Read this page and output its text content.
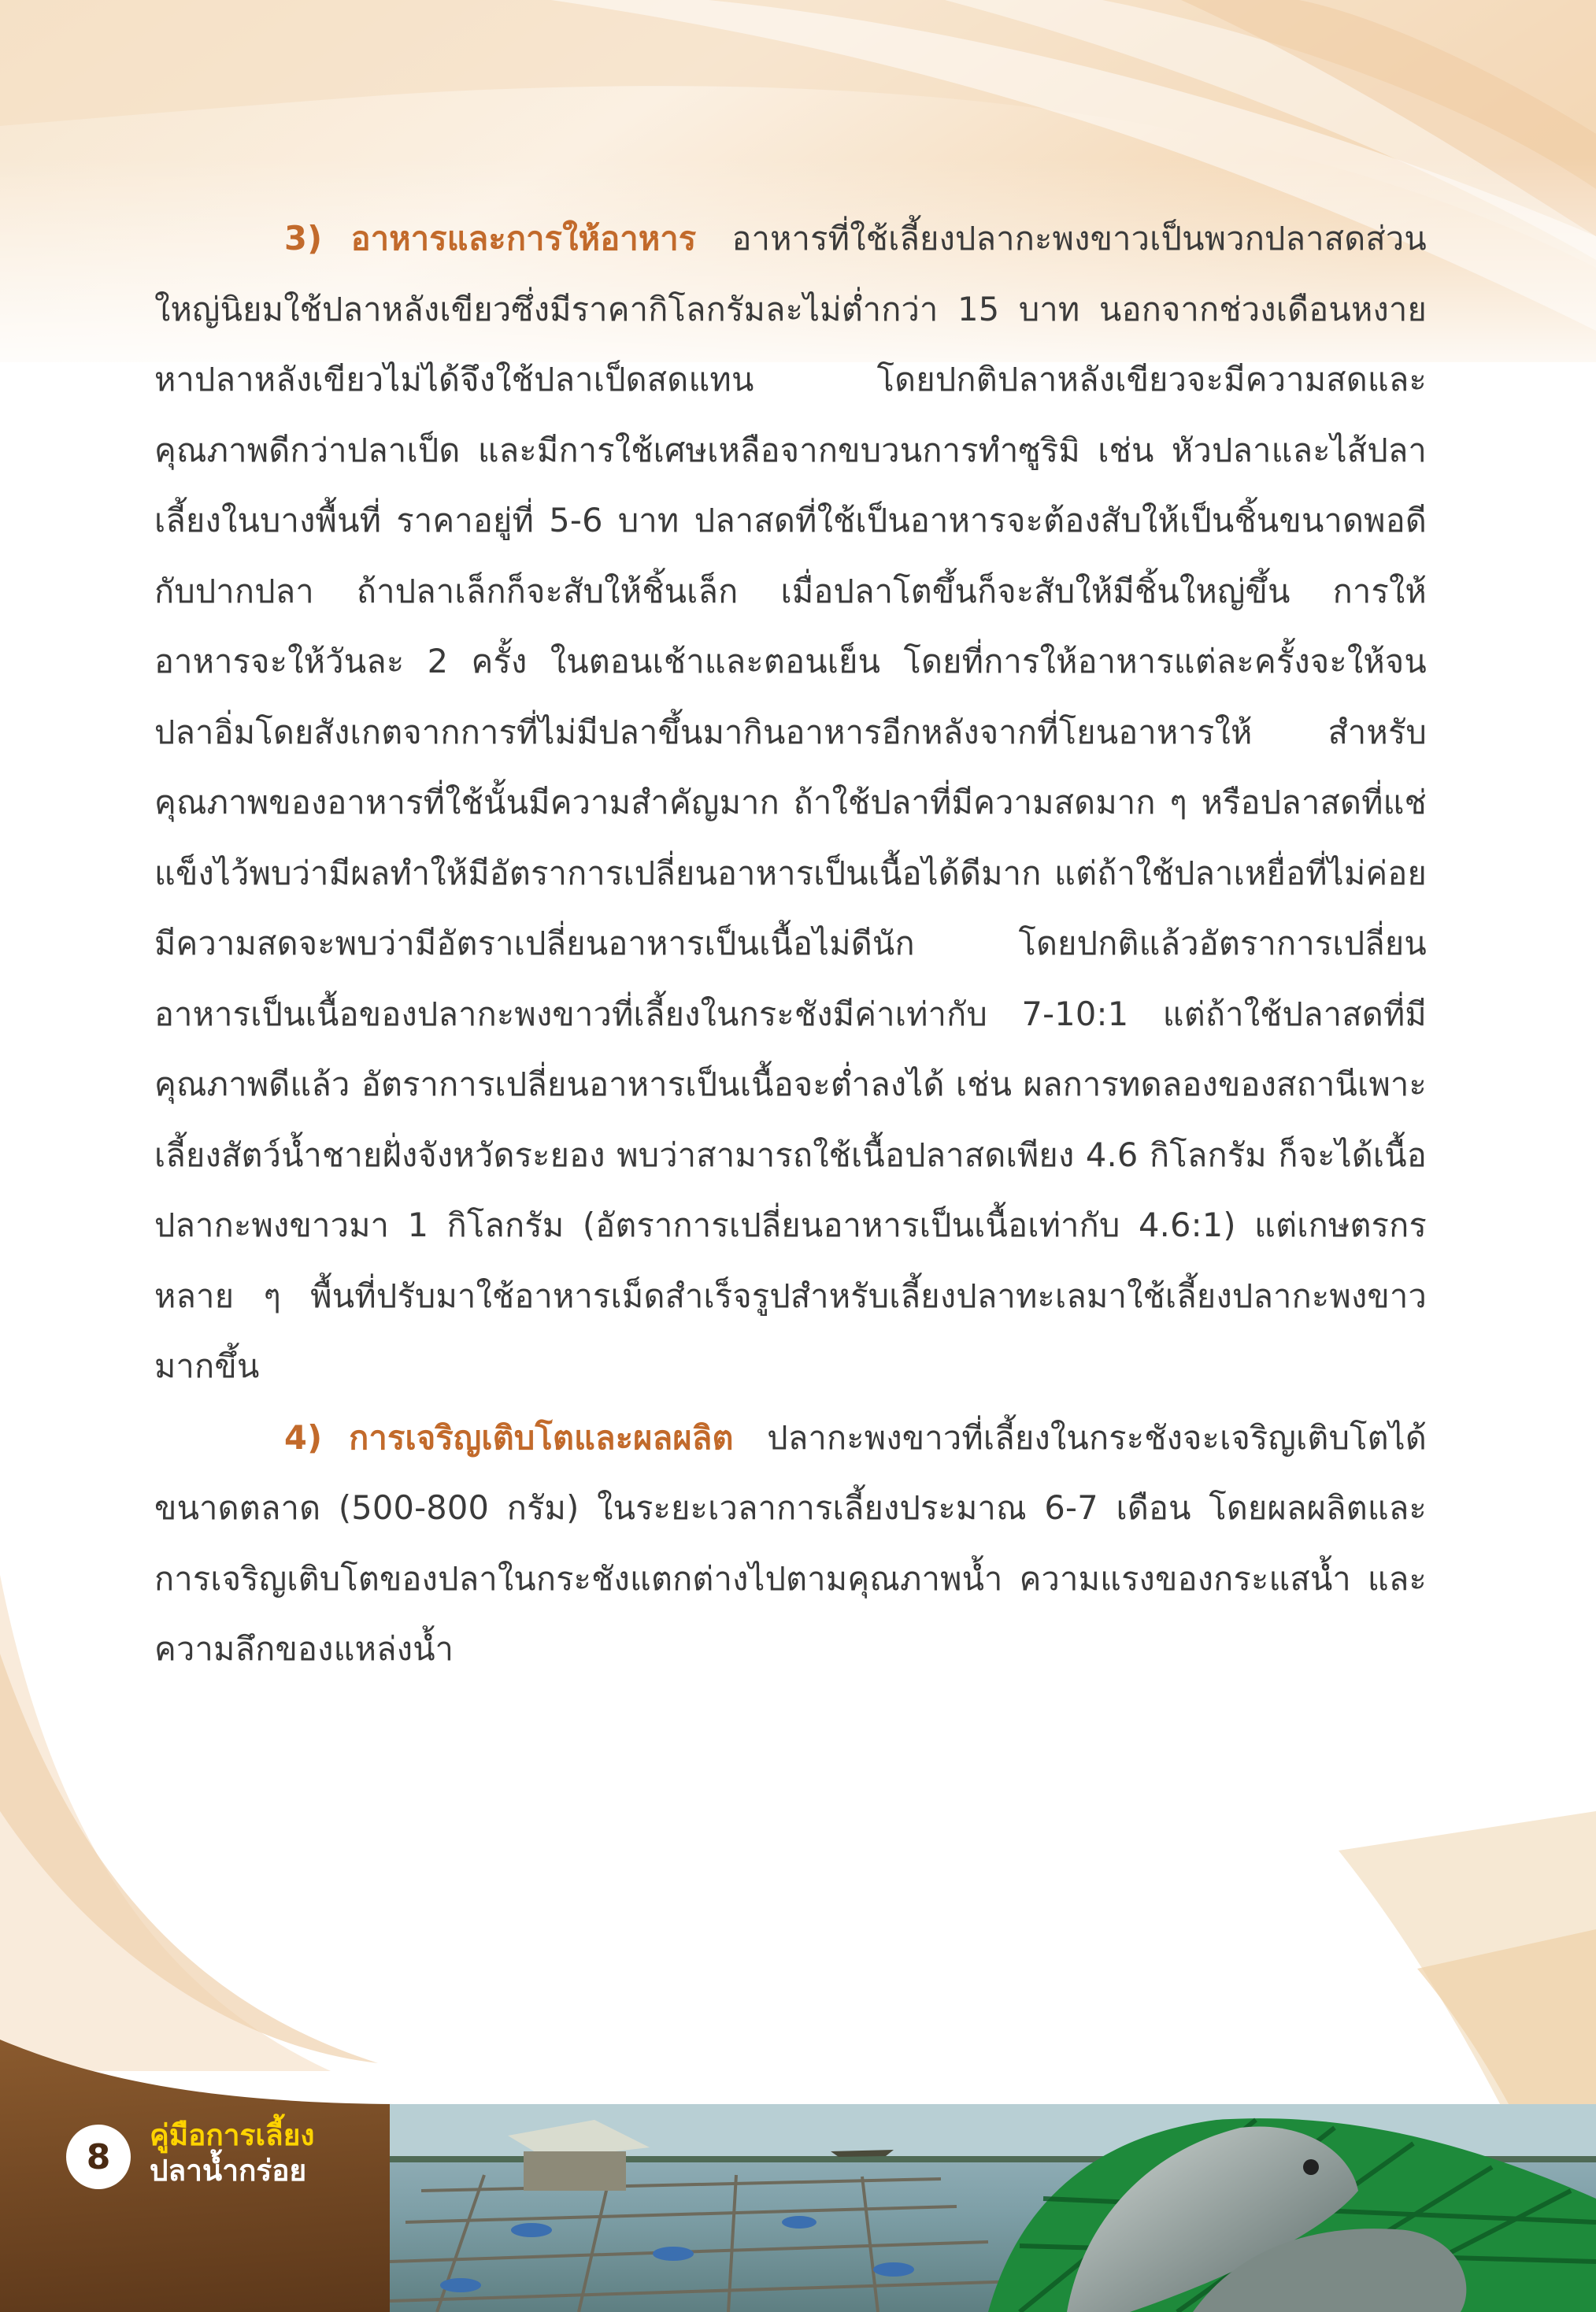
3) อาหารและการให้อาหาร อาหารที่ใช้เลี้ยงปลากะพงขาวเป็นพวกปลาสดส่วนใหญ่นิยมใช้ปลาหลังเขียวซึ่งมีราคากิโลกรัมละไม่ต่ำกว่า 15 บาท นอกจากช่วงเดือนหงายหาปลาหลังเขียวไม่ได้จึงใช้ปลาเป็ดสดแทน โดยปกติปลาหลังเขียวจะมีความสดและคุณภาพดีกว่าปลาเป็ด และมีการใช้เศษเหลือจากขบวนการทำซูริมิ เช่น หัวปลาและไส้ปลาเลี้ยงในบางพื้นที่ ราคาอยู่ที่ 5-6 บาท ปลาสดที่ใช้เป็นอาหารจะต้องสับให้เป็นชิ้นขนาดพอดีกับปากปลา ถ้าปลาเล็กก็จะสับให้ชิ้นเล็ก เมื่อปลาโตขึ้นก็จะสับให้มีชิ้นใหญ่ขึ้น การให้อาหารจะให้วันละ 2 ครั้ง ในตอนเช้าและตอนเย็น โดยที่การให้อาหารแต่ละครั้งจะให้จนปลาอิ่มโดยสังเกตจากการที่ไม่มีปลาขึ้นมากินอาหารอีกหลังจากที่โยนอาหารให้ สำหรับคุณภาพของอาหารที่ใช้นั้นมีความสำคัญมาก ถ้าใช้ปลาที่มีความสดมาก ๆ หรือปลาสดที่แช่แข็งไว้พบว่ามีผลทำให้มีอัตราการเปลี่ยนอาหารเป็นเนื้อได้ดีมาก แต่ถ้าใช้ปลาเหยื่อที่ไม่ค่อยมีความสดจะพบว่ามีอัตราเปลี่ยนอาหารเป็นเนื้อไม่ดีนัก โดยปกติแล้วอัตราการเปลี่ยนอาหารเป็นเนื้อของปลากะพงขาวที่เลี้ยงในกระชังมีค่าเท่ากับ 7-10:1 แต่ถ้าใช้ปลาสดที่มีคุณภาพดีแล้ว อัตราการเปลี่ยนอาหารเป็นเนื้อจะต่ำลงได้ เช่น ผลการทดลองของสถานีเพาะเลี้ยงสัตว์น้ำชายฝั่งจังหวัดระยอง พบว่าสามารถใช้เนื้อปลาสดเพียง 4.6 กิโลกรัม ก็จะได้เนื้อปลากะพงขาวมา 1 กิโลกรัม (อัตราการเปลี่ยนอาหารเป็นเนื้อเท่ากับ 4.6:1) แต่เกษตรกรหลาย ๆ พื้นที่ปรับมาใช้อาหารเม็ดสำเร็จรูปสำหรับเลี้ยงปลาทะเลมาใช้เลี้ยงปลากะพงขาวมากขึ้น

4) การเจริญเติบโตและผลผลิต ปลากะพงขาวที่เลี้ยงในกระชังจะเจริญเติบโตได้ขนาดตลาด (500-800 กรัม) ในระยะเวลาการเลี้ยงประมาณ 6-7 เดือน โดยผลผลิตและการเจริญเติบโตของปลาในกระชังแตกต่างไปตามคุณภาพน้ำ ความแรงของกระแสน้ำ และความลึกของแหล่งน้ำ

8
คู่มือการเลี้ยง
ปลาน้ำกร่อย
